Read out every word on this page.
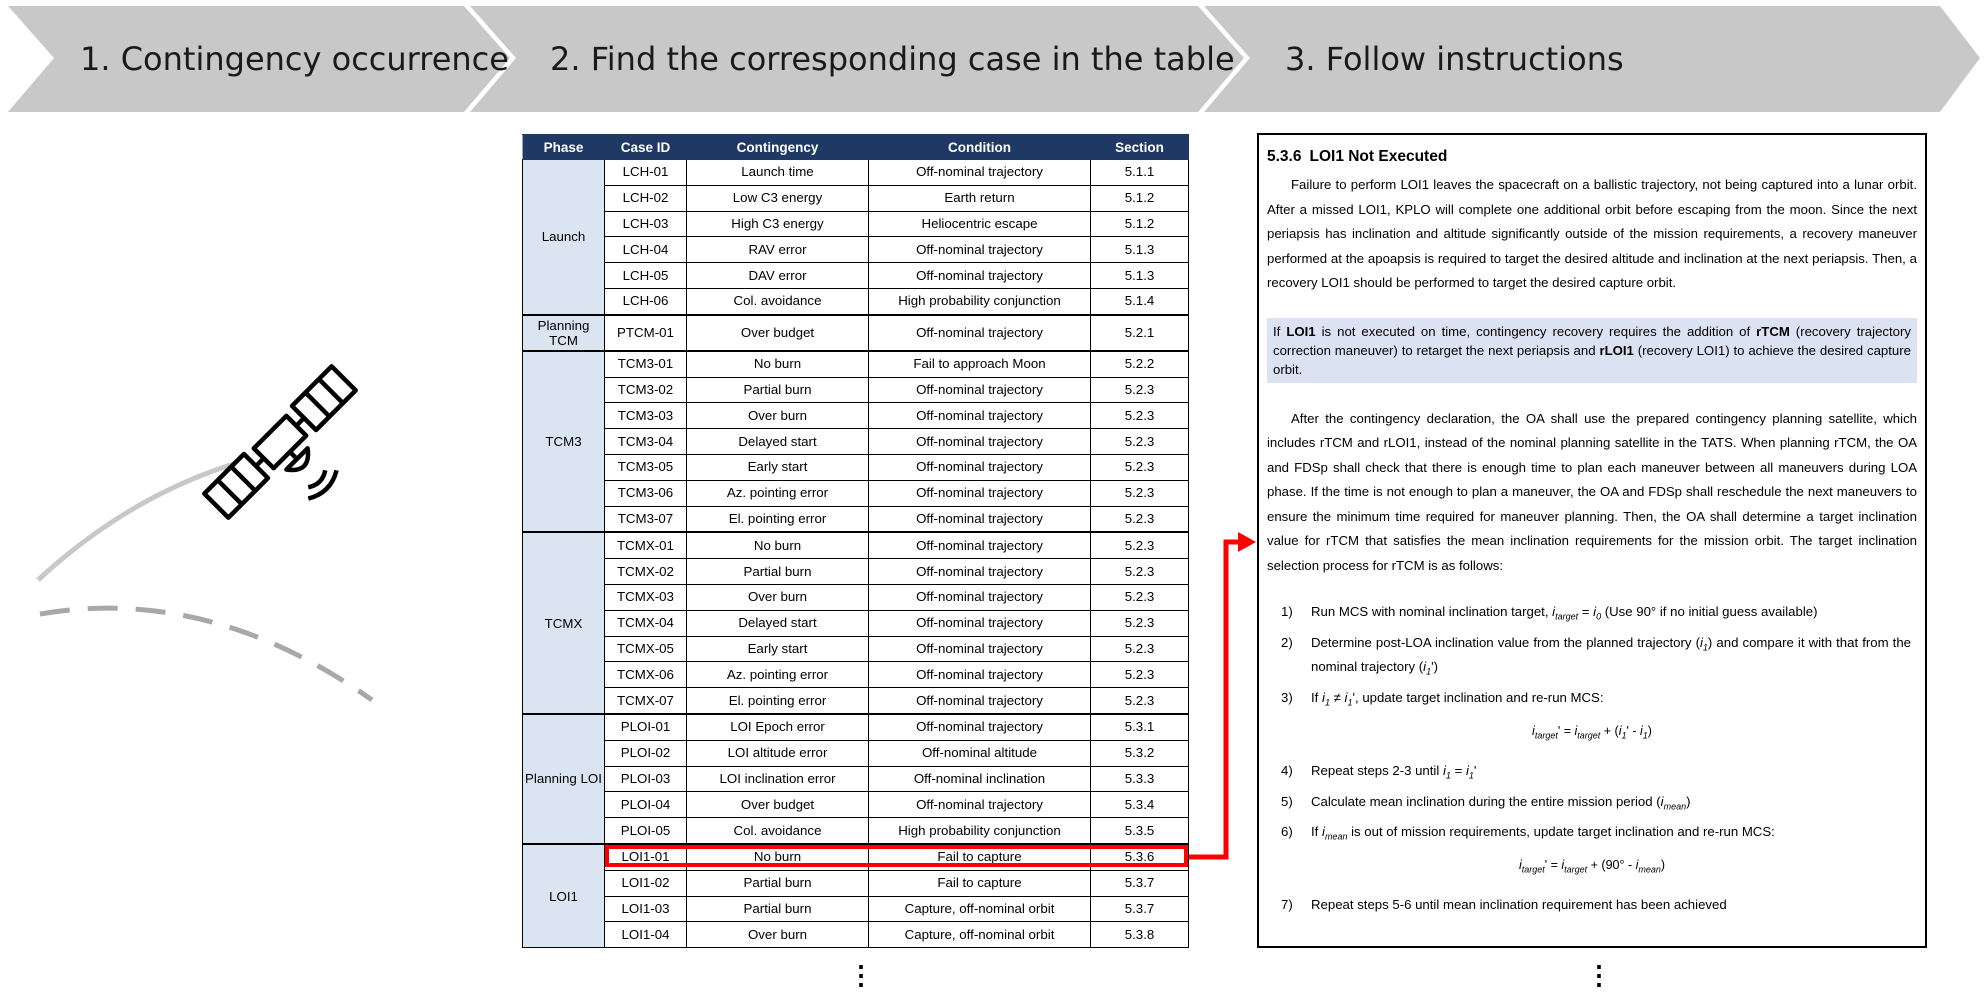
1. Contingency occurrence 2. Find the corresponding case in the table 3. Follow instructions
Phase	Case ID	Contingency	Condition	Section
Launch	LCH-01	Launch time	Off-nominal trajectory	5.1.1
	LCH-02	Low C3 energy	Earth return	5.1.2
	LCH-03	High C3 energy	Heliocentric escape	5.1.2
	LCH-04	RAV error	Off-nominal trajectory	5.1.3
	LCH-05	DAV error	Off-nominal trajectory	5.1.3
	LCH-06	Col. avoidance	High probability conjunction	5.1.4
Planning TCM	PTCM-01	Over budget	Off-nominal trajectory	5.2.1
TCM3	TCM3-01	No burn	Fail to approach Moon	5.2.2
	TCM3-02	Partial burn	Off-nominal trajectory	5.2.3
	TCM3-03	Over burn	Off-nominal trajectory	5.2.3
	TCM3-04	Delayed start	Off-nominal trajectory	5.2.3
	TCM3-05	Early start	Off-nominal trajectory	5.2.3
	TCM3-06	Az. pointing error	Off-nominal trajectory	5.2.3
	TCM3-07	El. pointing error	Off-nominal trajectory	5.2.3
TCMX	TCMX-01	No burn	Off-nominal trajectory	5.2.3
	TCMX-02	Partial burn	Off-nominal trajectory	5.2.3
	TCMX-03	Over burn	Off-nominal trajectory	5.2.3
	TCMX-04	Delayed start	Off-nominal trajectory	5.2.3
	TCMX-05	Early start	Off-nominal trajectory	5.2.3
	TCMX-06	Az. pointing error	Off-nominal trajectory	5.2.3
	TCMX-07	El. pointing error	Off-nominal trajectory	5.2.3
Planning LOI	PLOI-01	LOI Epoch error	Off-nominal trajectory	5.3.1
	PLOI-02	LOI altitude error	Off-nominal altitude	5.3.2
	PLOI-03	LOI inclination error	Off-nominal inclination	5.3.3
	PLOI-04	Over budget	Off-nominal trajectory	5.3.4
	PLOI-05	Col. avoidance	High probability conjunction	5.3.5
LOI1	LOI1-01	No burn	Fail to capture	5.3.6
	LOI1-02	Partial burn	Fail to capture	5.3.7
	LOI1-03	Partial burn	Capture, off-nominal orbit	5.3.7
	LOI1-04	Over burn	Capture, off-nominal orbit	5.3.8
⋮
5.3.6 LOI1 Not Executed

Failure to perform LOI1 leaves the spacecraft on a ballistic trajectory, not being captured into a lunar orbit. After a missed LOI1, KPLO will complete one additional orbit before escaping from the moon. Since the next periapsis has inclination and altitude significantly outside of the mission requirements, a recovery maneuver performed at the apoapsis is required to target the desired altitude and inclination at the next periapsis. Then, a recovery LOI1 should be performed to target the desired capture orbit.

If LOI1 is not executed on time, contingency recovery requires the addition of rTCM (recovery trajectory correction maneuver) to retarget the next periapsis and rLOI1 (recovery LOI1) to achieve the desired capture orbit.

After the contingency declaration, the OA shall use the prepared contingency planning satellite, which includes rTCM and rLOI1, instead of the nominal planning satellite in the TATS. When planning rTCM, the OA and FDSp shall check that there is enough time to plan each maneuver between all maneuvers during LOA phase. If the time is not enough to plan a maneuver, the OA and FDSp shall reschedule the next maneuvers to ensure the minimum time required for maneuver planning. Then, the OA shall determine a target inclination value for rTCM that satisfies the mean inclination requirements for the mission orbit. The target inclination selection process for rTCM is as follows:

1)	Run MCS with nominal inclination target, $i_{target} = i_0$ (Use 90° if no initial guess available)
2)	Determine post-LOA inclination value from the planned trajectory $(i_1)$ and compare it with that from the nominal trajectory $(i_1')$
3)	If $i_1 \ne i_1'$, update target inclination and re-run MCS:
$i_{target}' = i_{target} + (i_1' - i_1)$
4)	Repeat steps 2-3 until $i_1 = i_1'$
5)	Calculate mean inclination during the entire mission period $(i_{mean})$
6)	If $i_{mean}$ is out of mission requirements, update target inclination and re-run MCS:
$i_{target}' = i_{target} + (90^\circ - i_{mean})$
7)	Repeat steps 5-6 until mean inclination requirement has been achieved
⋮
